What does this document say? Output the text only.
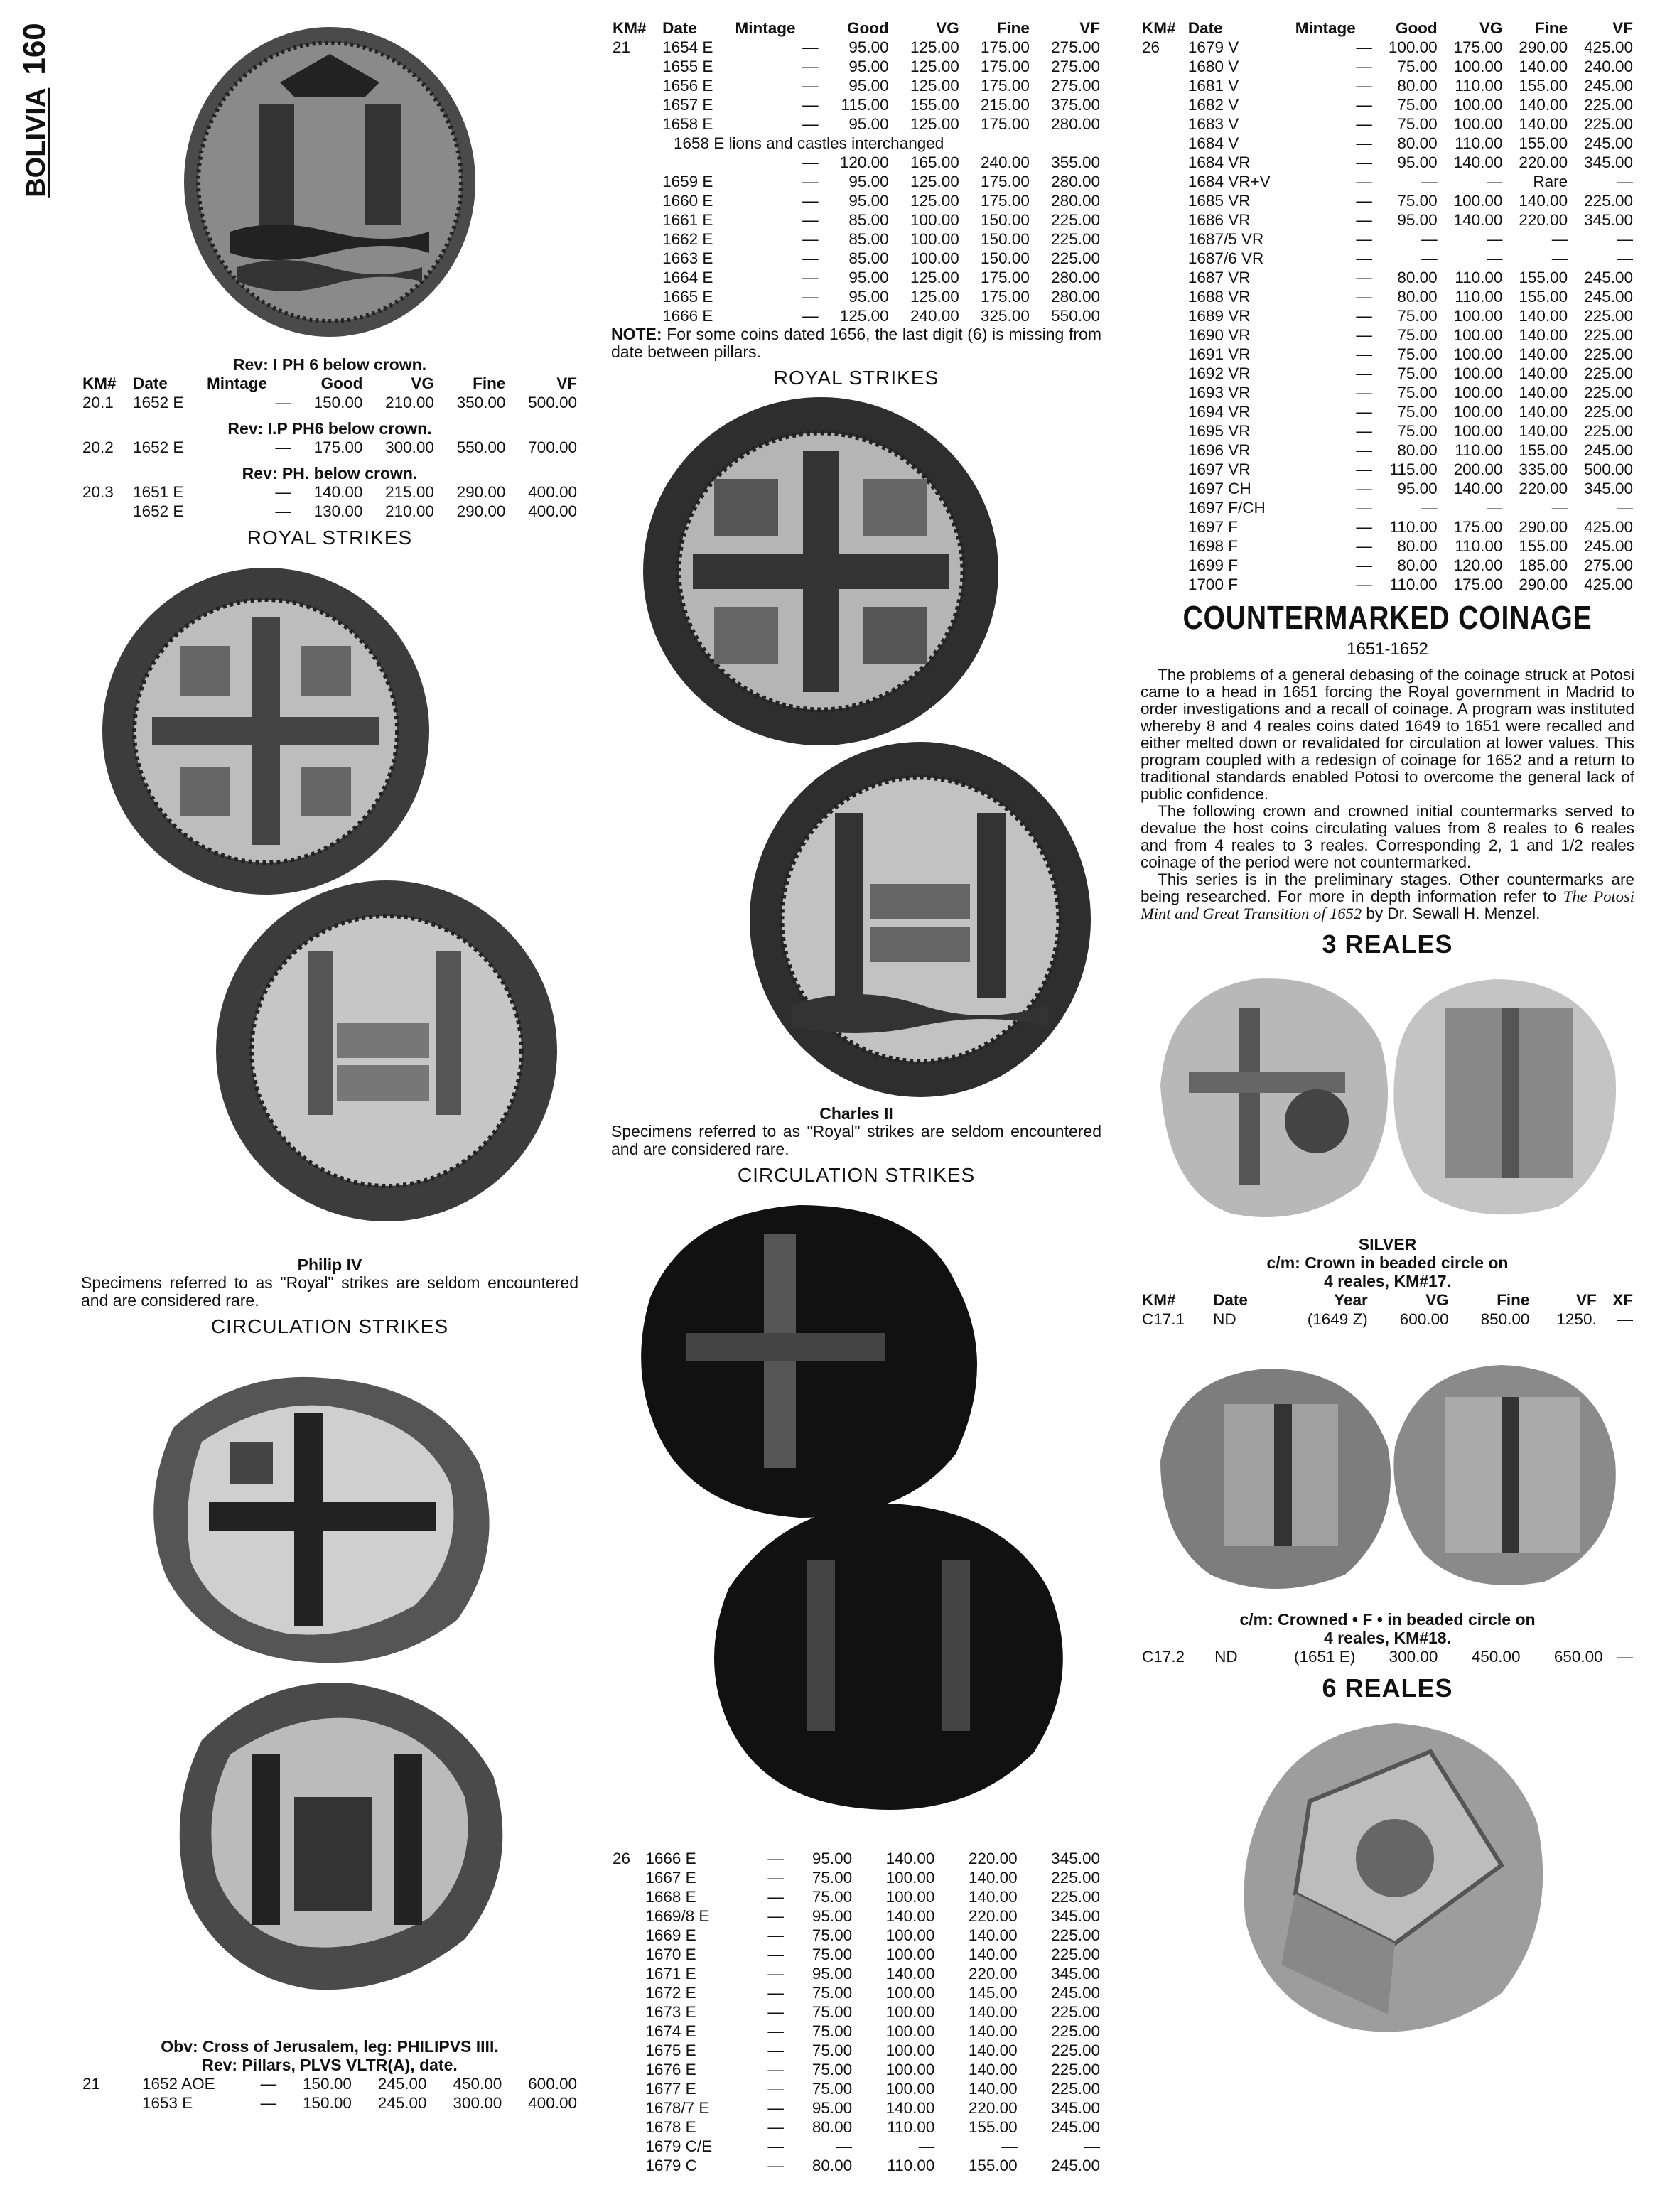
BOLIVIA160
Rev: I PH 6 below crown.
KM#	Date	Mintage	Good	VG	Fine	VF
20.1	1652 E	—	150.00	210.00	350.00	500.00
Rev: I.P PH6 below crown.						
20.2	1652 E	—	175.00	300.00	550.00	700.00
Rev: PH. below crown.						
20.3	1651 E	—	140.00	215.00	290.00	400.00
	1652 E	—	130.00	210.00	290.00	400.00
ROYAL STRIKES
Philip IV
Specimens referred to as "Royal" strikes are seldom encountered and are considered rare.
CIRCULATION STRIKES
Obv: Cross of Jerusalem, leg: PHILIPVS IIII.
Rev: Pillars, PLVS VLTR(A), date.
21	1652 AOE	—	150.00	245.00	450.00	600.00
	1653 E	—	150.00	245.00	300.00	400.00
KM#	Date	Mintage	Good	VG	Fine	VF
21	1654 E	—	95.00	125.00	175.00	275.00
	1655 E	—	95.00	125.00	175.00	275.00
	1656 E	—	95.00	125.00	175.00	275.00
	1657 E	—	115.00	155.00	215.00	375.00
	1658 E	—	95.00	125.00	175.00	280.00
1658 E lions and castles interchanged						
		—	120.00	165.00	240.00	355.00
	1659 E	—	95.00	125.00	175.00	280.00
	1660 E	—	95.00	125.00	175.00	280.00
	1661 E	—	85.00	100.00	150.00	225.00
	1662 E	—	85.00	100.00	150.00	225.00
	1663 E	—	85.00	100.00	150.00	225.00
	1664 E	—	95.00	125.00	175.00	280.00
	1665 E	—	95.00	125.00	175.00	280.00
	1666 E	—	125.00	240.00	325.00	550.00
NOTE: For some coins dated 1656, the last digit (6) is missing from date between pillars.
ROYAL STRIKES
Charles II
Specimens referred to as "Royal" strikes are seldom encountered and are considered rare.
CIRCULATION STRIKES
26	1666 E	—	95.00	140.00	220.00	345.00
	1667 E	—	75.00	100.00	140.00	225.00
	1668 E	—	75.00	100.00	140.00	225.00
	1669/8 E	—	95.00	140.00	220.00	345.00
	1669 E	—	75.00	100.00	140.00	225.00
	1670 E	—	75.00	100.00	140.00	225.00
	1671 E	—	95.00	140.00	220.00	345.00
	1672 E	—	75.00	100.00	145.00	245.00
	1673 E	—	75.00	100.00	140.00	225.00
	1674 E	—	75.00	100.00	140.00	225.00
	1675 E	—	75.00	100.00	140.00	225.00
	1676 E	—	75.00	100.00	140.00	225.00
	1677 E	—	75.00	100.00	140.00	225.00
	1678/7 E	—	95.00	140.00	220.00	345.00
	1678 E	—	80.00	110.00	155.00	245.00
	1679 C/E	—	—	—	—	—
	1679 C	—	80.00	110.00	155.00	245.00
KM#	Date	Mintage	Good	VG	Fine	VF
26	1679 V	—	100.00	175.00	290.00	425.00
	1680 V	—	75.00	100.00	140.00	240.00
	1681 V	—	80.00	110.00	155.00	245.00
	1682 V	—	75.00	100.00	140.00	225.00
	1683 V	—	75.00	100.00	140.00	225.00
	1684 V	—	80.00	110.00	155.00	245.00
	1684 VR	—	95.00	140.00	220.00	345.00
	1684 VR+V	—	—	—	Rare	—
	1685 VR	—	75.00	100.00	140.00	225.00
	1686 VR	—	95.00	140.00	220.00	345.00
	1687/5 VR	—	—	—	—	—
	1687/6 VR	—	—	—	—	—
	1687 VR	—	80.00	110.00	155.00	245.00
	1688 VR	—	80.00	110.00	155.00	245.00
	1689 VR	—	75.00	100.00	140.00	225.00
	1690 VR	—	75.00	100.00	140.00	225.00
	1691 VR	—	75.00	100.00	140.00	225.00
	1692 VR	—	75.00	100.00	140.00	225.00
	1693 VR	—	75.00	100.00	140.00	225.00
	1694 VR	—	75.00	100.00	140.00	225.00
	1695 VR	—	75.00	100.00	140.00	225.00
	1696 VR	—	80.00	110.00	155.00	245.00
	1697 VR	—	115.00	200.00	335.00	500.00
	1697 CH	—	95.00	140.00	220.00	345.00
	1697 F/CH	—	—	—	—	—
	1697 F	—	110.00	175.00	290.00	425.00
	1698 F	—	80.00	110.00	155.00	245.00
	1699 F	—	80.00	120.00	185.00	275.00
	1700 F	—	110.00	175.00	290.00	425.00
COUNTERMARKED COINAGE
1651-1652

The problems of a general debasing of the coinage struck at Potosi came to a head in 1651 forcing the Royal government in Madrid to order investigations and a recall of coinage. A program was instituted whereby 8 and 4 reales coins dated 1649 to 1651 were recalled and either melted down or revalidated for circulation at lower values. This program coupled with a redesign of coinage for 1652 and a return to traditional standards enabled Potosi to overcome the general lack of public confidence.

The following crown and crowned initial countermarks served to devalue the host coins circulating values from 8 reales to 6 reales and from 4 reales to 3 reales. Corresponding 2, 1 and 1/2 reales coinage of the period were not countermarked.

This series is in the preliminary stages. Other countermarks are being researched. For more in depth information refer to The Potosi Mint and Great Transition of 1652 by Dr. Sewall H. Menzel.

3 REALES
SILVER
c/m: Crown in beaded circle on
4 reales, KM#17.
KM#	Date	Year	VG	Fine	VF	XF
C17.1	ND	(1649 Z)	600.00	850.00	1250.	—
c/m: Crowned • F • in beaded circle on
4 reales, KM#18.
C17.2	ND	(1651 E)	300.00	450.00	650.00	—
6 REALES
